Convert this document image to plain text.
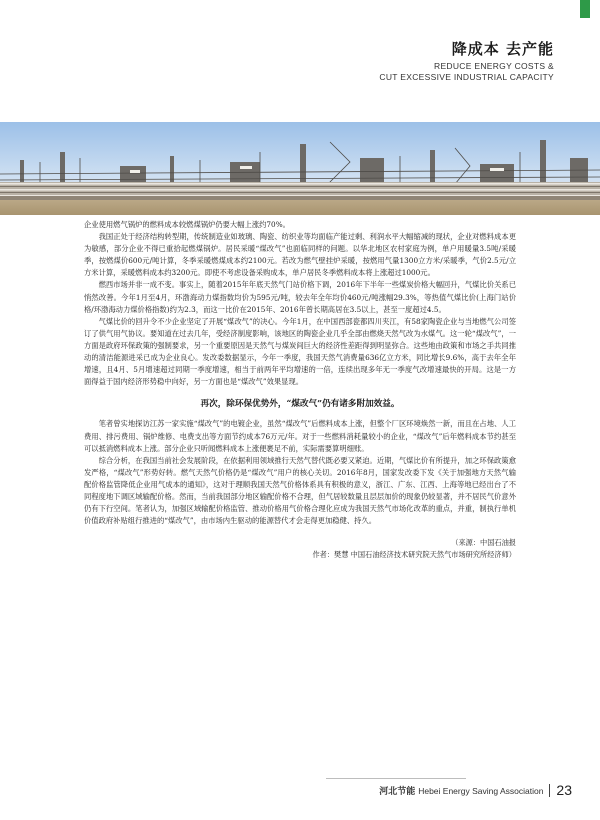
降成本 去产能
REDUCE ENERGY COSTS &
CUT EXCESSIVE INDUSTRIAL CAPACITY

企业使用燃气锅炉的燃料成本较燃煤锅炉仍要大幅上涨约70%。

我国正处于经济结构转型期，传统制造业如玻璃、陶瓷、纺织业等均面临产能过剩、利润水平大幅缩减的现状，企业对燃料成本更为敏感，部分企业不得已重拾起燃煤锅炉。居民采暖“煤改气”也面临同样的问题。以华北地区农村家庭为例，单户用暖量3.5吨/采暖季，按燃煤价600元/吨计算，冬季采暖燃煤成本约2100元。若改为燃气壁挂炉采暖，按燃用气量1300立方米/采暖季，气价2.5元/立方米计算，采暖燃料成本约3200元。即使不考虑设备采购成本，单户居民冬季燃料成本将上涨超过1000元。

燃西市场并非一成不变。事实上，随着2015年年底天然气门站价格下调，2016年下半年一些煤炭价格大幅回升，气煤比价关系已悄然改善。今年1月至4月，环渤海动力煤指数均价为595元/吨，较去年全年均价460元/吨涨幅29.3%，等热值气煤比价(上海门站价格/环渤海动力煤价格指数)约为2.3，而这一比价在2015年、2016年曾长期高居在3.5以上，甚至一度超过4.5。

气煤比价的回升令不少企业坚定了开展“煤改气”的决心。今年1月，在中国西部瓷都四川夹江，有58家陶瓷企业与当地燃气公司签订了供气用气协议。要知道在过去几年，受经济制度影响，该地区的陶瓷企业几乎全部由燃烧天然气改为水煤气。这一轮“煤改气”，一方面是政府环保政策的强制要求，另一个重要原因是天然气与煤炭间巨大的经济性差距得到明显弥合。这些地由政策和市场之手共同推动的清洁能源进采已成为企业良心。发改委数据显示，今年一季度，我国天然气消费量636亿立方米，同比增长9.6%，高于去年全年增速，且4月、5月增速超过同期一季度增速，相当于前两年平均增速的一倍，连续出现多年无一季度气改增速最快的开局。这是一方面得益于国内经济形势稳中向好，另一方面也是“煤改气”效果显现。

再次，除环保优势外，“煤改气”仍有诸多附加效益。

笔者曾实地探访江苏一家实施“煤改气”的电镀企业，虽然“煤改气”后燃料成本上涨，但整个厂区环境焕然一新，而且在占地、人工费用、排污费用、锅炉维修、电费支出等方面节约成本76万元/年。对于一些燃料消耗量较小的企业，“煤改气”后年燃料成本节约甚至可以抵消燃料成本上涨。部分企业只听闻燃料成本上涨便裹足不前，实际需要算明细账。

综合分析，在我国当前社会发展阶段，在依据利用领域推行天然气替代既必要又紧迫。近期，气煤比价有所提升，加之环保政策愈发严格，“煤改气”形势好转。燃气天然气价格仍是“煤改气”用户的核心关切。2016年8月，国家发改委下发《关于加强地方天然气输配价格监管降低企业用气成本的通知》，这对于理顺我国天然气价格体系具有积极的意义，浙江、广东、江西、上海等地已经出台了不同程度地下调区域输配价格。然而，当前我国部分地区输配价格不合理，但气居较数量且层层加价的现象仍较显著，并不居民气价意外仍有下行空间。笔者认为，加强区域输配价格监管、推动价格用气价格合理化应成为我国天然气市场化改革的重点，并重，制执行单机价值政府补贴组行推进的“煤改气”，由市场内生驱动的能源替代才会走得更加稳健、持久。

（来源：中国石油报
作者：樊慧 中国石油经济技术研究院天然气市场研究所经济师）
河北节能 Hebei Energy Saving Association 23
